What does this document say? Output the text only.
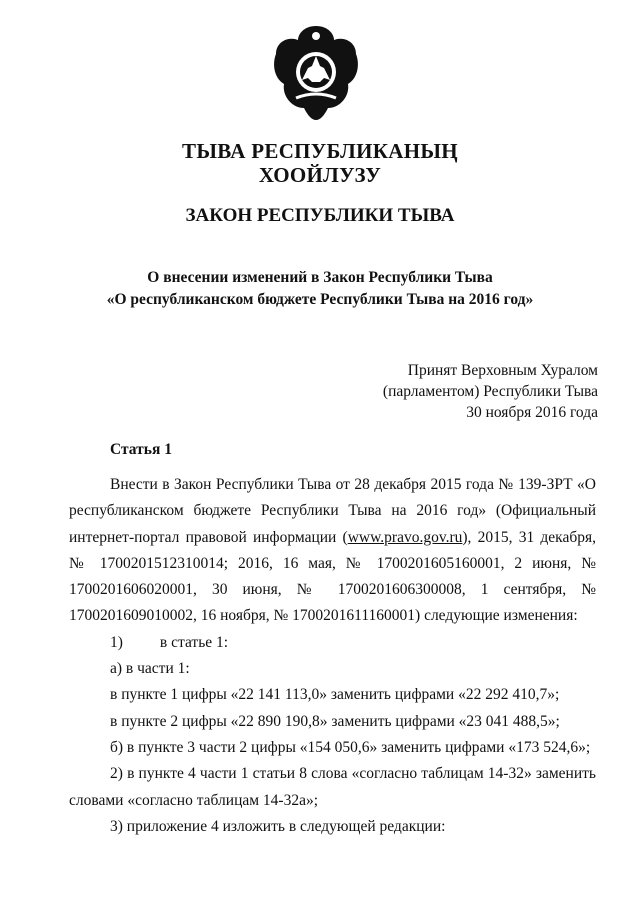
ТЫВА РЕСПУБЛИКАНЫҢ
ХООЙЛУЗУ
ЗАКОН РЕСПУБЛИКИ ТЫВА
О внесении изменений в Закон Республики Тыва
«О республиканском бюджете Республики Тыва на 2016 год»
Принят Верховным Хуралом
(парламентом) Республики Тыва
30 ноября 2016 года
Статья 1

Внести в Закон Республики Тыва от 28 декабря 2015 года № 139-ЗРТ «О республиканском бюджете Республики Тыва на 2016 год» (Официальный интернет-портал правовой информации (www.pravo.gov.ru), 2015, 31 декабря, № 1700201512310014; 2016, 16 мая, № 1700201605160001, 2 июня, № 1700201606020001, 30 июня, № 1700201606300008, 1 сентября, № 1700201609010002, 16 ноября, № 1700201611160001) следующие изменения:

1) в статье 1:

а) в части 1:

в пункте 1 цифры «22 141 113,0» заменить цифрами «22 292 410,7»;

в пункте 2 цифры «22 890 190,8» заменить цифрами «23 041 488,5»;

б) в пункте 3 части 2 цифры «154 050,6» заменить цифрами «173 524,6»;

2) в пункте 4 части 1 статьи 8 слова «согласно таблицам 14-32» заменить словами «согласно таблицам 14-32а»;

3) приложение 4 изложить в следующей редакции:
